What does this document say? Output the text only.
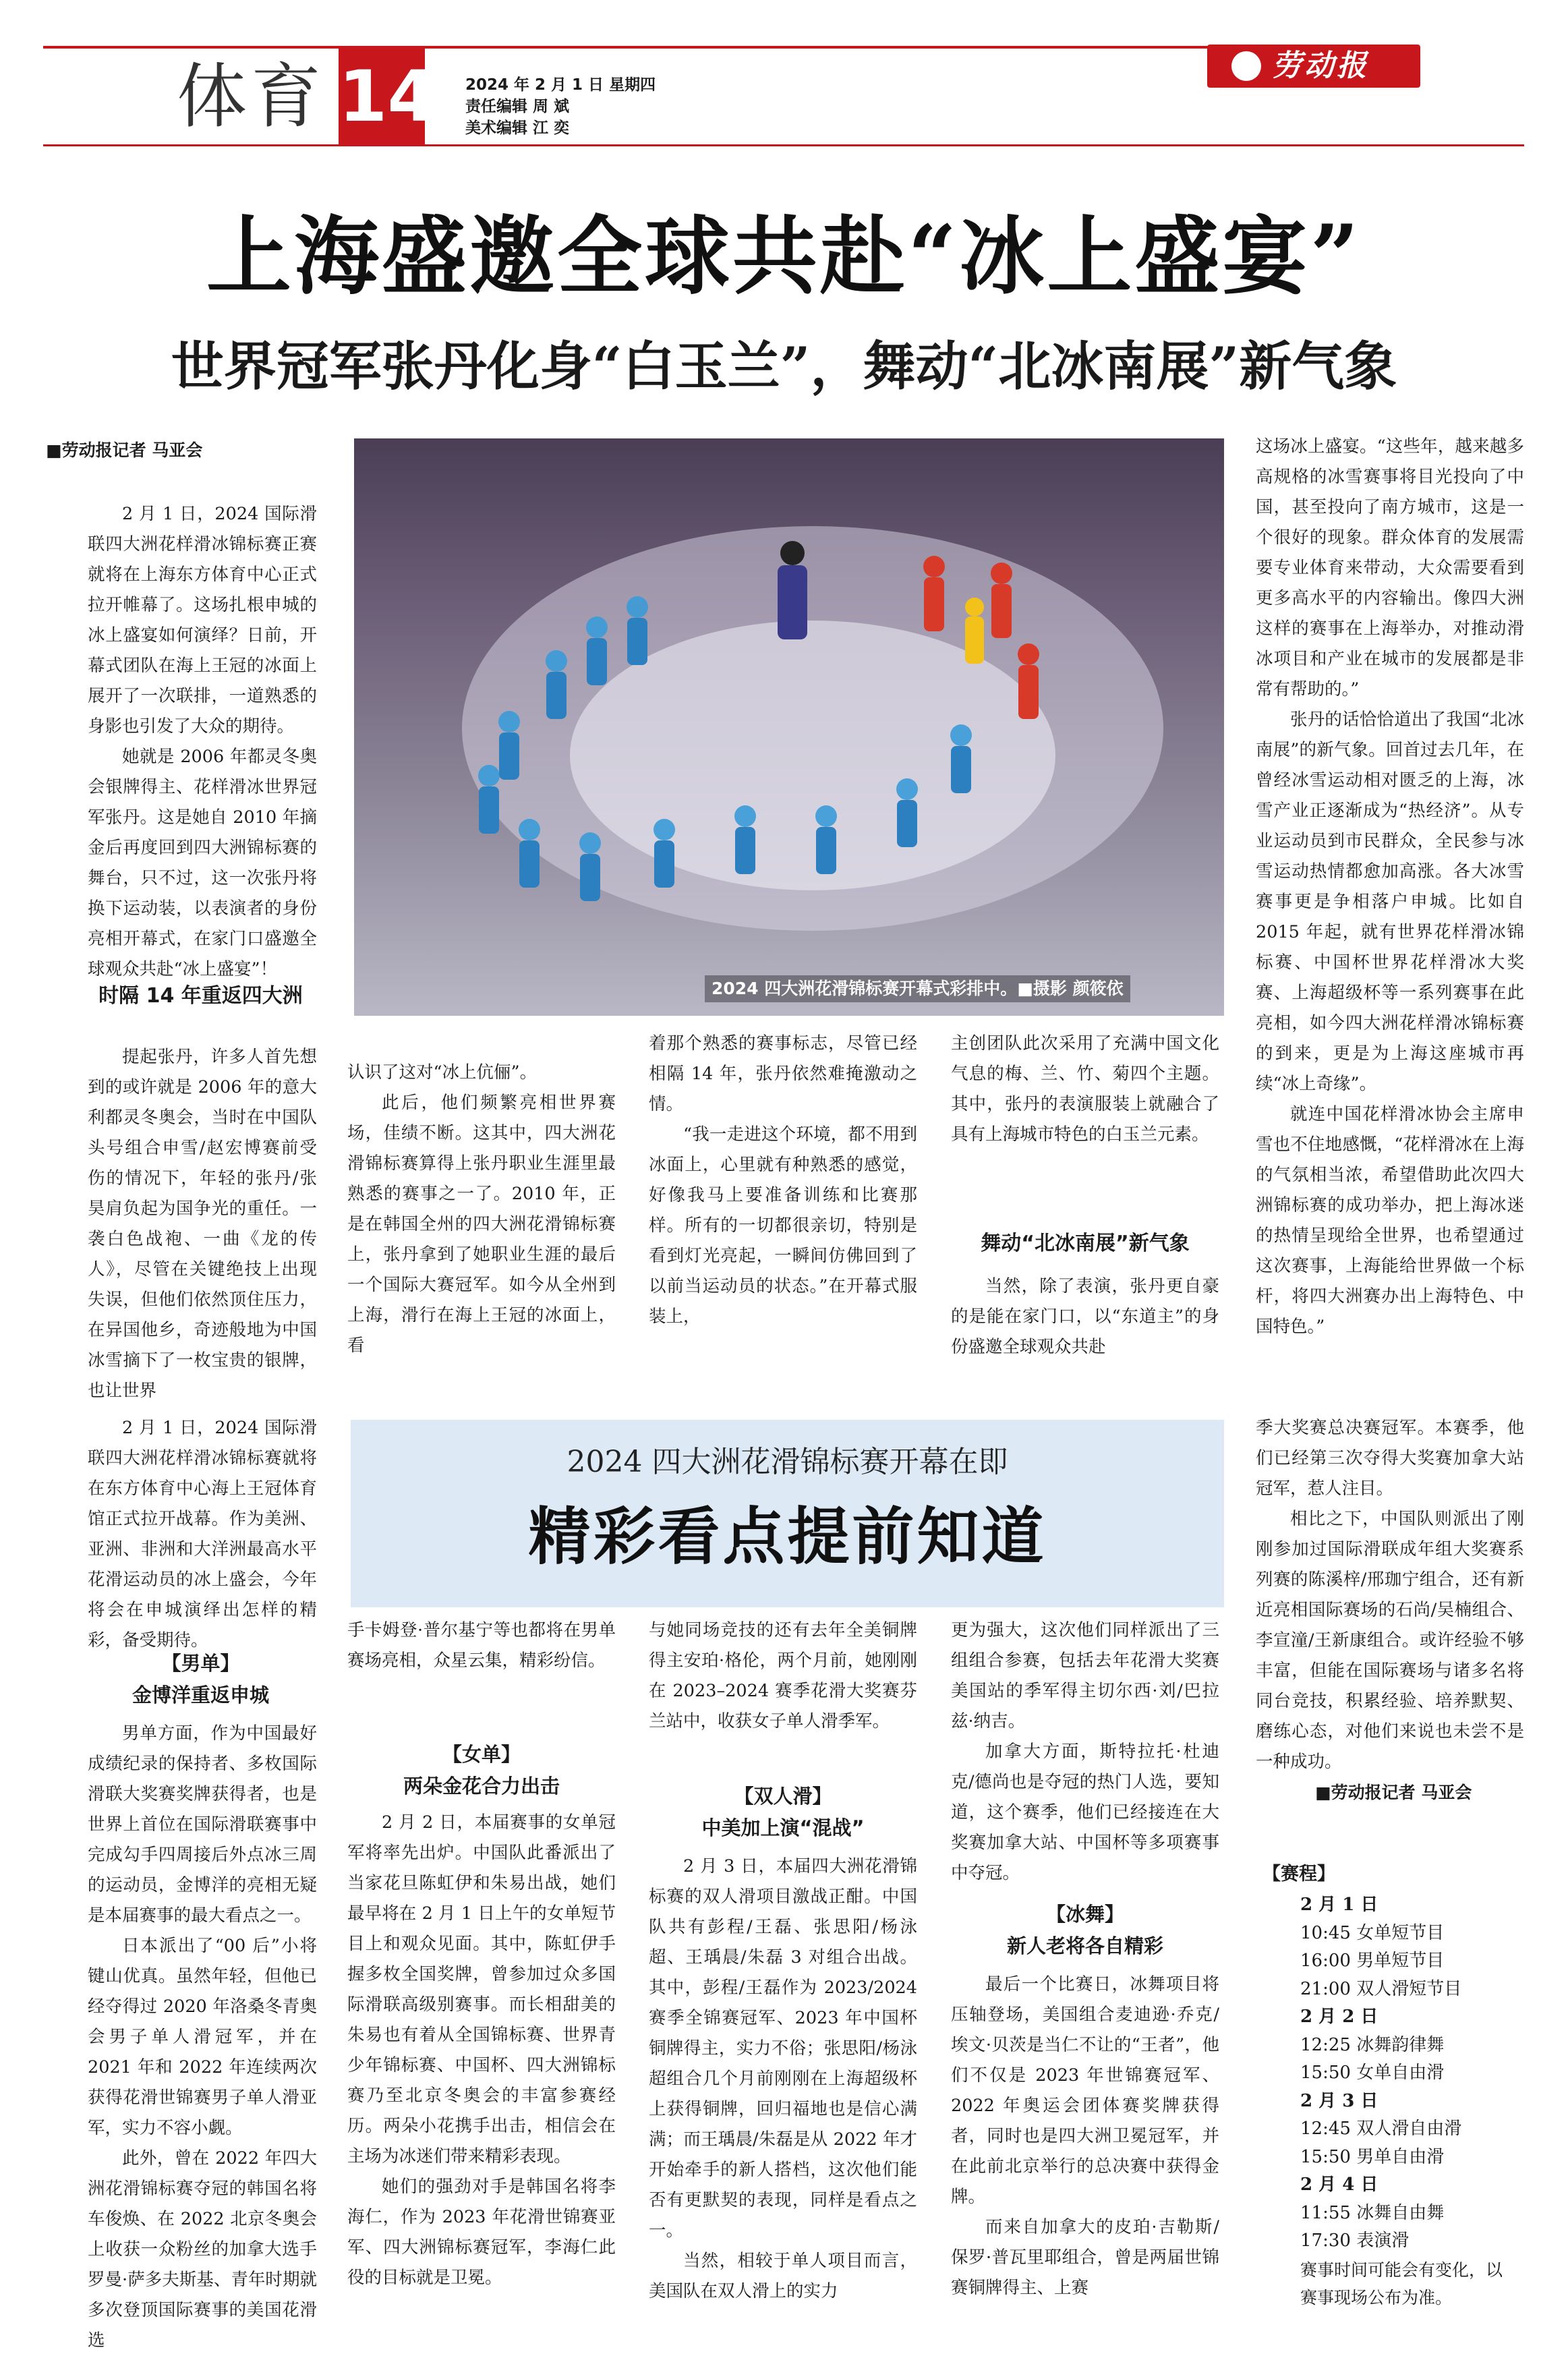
体育 14 2024 年 2 月 1 日 星期四
责任编辑 周 斌
美术编辑 江 奕
劳动报
上海盛邀全球共赴“冰上盛宴”
世界冠军张丹化身“白玉兰”，舞动“北冰南展”新气象
■劳动报记者 马亚会

2 月 1 日，2024 国际滑联四大洲花样滑冰锦标赛正赛就将在上海东方体育中心正式拉开帷幕了。这场扎根申城的冰上盛宴如何演绎？日前，开幕式团队在海上王冠的冰面上展开了一次联排，一道熟悉的身影也引发了大众的期待。

她就是 2006 年都灵冬奥会银牌得主、花样滑冰世界冠军张丹。这是她自 2010 年摘金后再度回到四大洲锦标赛的舞台，只不过，这一次张丹将换下运动装，以表演者的身份亮相开幕式，在家门口盛邀全球观众共赴“冰上盛宴”！

时隔 14 年重返四大洲

提起张丹，许多人首先想到的或许就是 2006 年的意大利都灵冬奥会，当时在中国队头号组合申雪/赵宏博赛前受伤的情况下，年轻的张丹/张昊肩负起为国争光的重任。一袭白色战袍、一曲《龙的传人》，尽管在关键绝技上出现失误，但他们依然顶住压力，在异国他乡，奇迹般地为中国冰雪摘下了一枚宝贵的银牌，也让世界

2024 四大洲花滑锦标赛开幕式彩排中。■摄影 颜筱依

认识了这对“冰上伉俪”。

此后，他们频繁亮相世界赛场，佳绩不断。这其中，四大洲花滑锦标赛算得上张丹职业生涯里最熟悉的赛事之一了。2010 年，正是在韩国全州的四大洲花滑锦标赛上，张丹拿到了她职业生涯的最后一个国际大赛冠军。如今从全州到上海，滑行在海上王冠的冰面上，看

着那个熟悉的赛事标志，尽管已经相隔 14 年，张丹依然难掩激动之情。

“我一走进这个环境，都不用到冰面上，心里就有种熟悉的感觉，好像我马上要准备训练和比赛那样。所有的一切都很亲切，特别是看到灯光亮起，一瞬间仿佛回到了以前当运动员的状态。”在开幕式服装上，

主创团队此次采用了充满中国文化气息的梅、兰、竹、菊四个主题。其中，张丹的表演服装上就融合了具有上海城市特色的白玉兰元素。

舞动“北冰南展”新气象

当然，除了表演，张丹更自豪的是能在家门口，以“东道主”的身份盛邀全球观众共赴

这场冰上盛宴。“这些年，越来越多高规格的冰雪赛事将目光投向了中国，甚至投向了南方城市，这是一个很好的现象。群众体育的发展需要专业体育来带动，大众需要看到更多高水平的内容输出。像四大洲这样的赛事在上海举办，对推动滑冰项目和产业在城市的发展都是非常有帮助的。”

张丹的话恰恰道出了我国“北冰南展”的新气象。回首过去几年，在曾经冰雪运动相对匮乏的上海，冰雪产业正逐渐成为“热经济”。从专业运动员到市民群众，全民参与冰雪运动热情都愈加高涨。各大冰雪赛事更是争相落户申城。比如自 2015 年起，就有世界花样滑冰锦标赛、中国杯世界花样滑冰大奖赛、上海超级杯等一系列赛事在此亮相，如今四大洲花样滑冰锦标赛的到来，更是为上海这座城市再续“冰上奇缘”。

就连中国花样滑冰协会主席申雪也不住地感慨，“花样滑冰在上海的气氛相当浓，希望借助此次四大洲锦标赛的成功举办，把上海冰迷的热情呈现给全世界，也希望通过这次赛事，上海能给世界做一个标杆，将四大洲赛办出上海特色、中国特色。”

2024 四大洲花滑锦标赛开幕在即
精彩看点提前知道

2 月 1 日，2024 国际滑联四大洲花样滑冰锦标赛就将在东方体育中心海上王冠体育馆正式拉开战幕。作为美洲、亚洲、非洲和大洋洲最高水平花滑运动员的冰上盛会，今年将会在申城演绎出怎样的精彩，备受期待。

【男单】
金博洋重返申城

男单方面，作为中国最好成绩纪录的保持者、多枚国际滑联大奖赛奖牌获得者，也是世界上首位在国际滑联赛事中完成勾手四周接后外点冰三周的运动员，金博洋的亮相无疑是本届赛事的最大看点之一。

日本派出了“00 后”小将键山优真。虽然年轻，但他已经夺得过 2020 年洛桑冬青奥会男子单人滑冠军，并在 2021 年和 2022 年连续两次获得花滑世锦赛男子单人滑亚军，实力不容小觑。

此外，曾在 2022 年四大洲花滑锦标赛夺冠的韩国名将车俊焕、在 2022 北京冬奥会上收获一众粉丝的加拿大选手罗曼·萨多夫斯基、青年时期就多次登顶国际赛事的美国花滑选

手卡姆登·普尔基宁等也都将在男单赛场亮相，众星云集，精彩纷信。

【女单】
两朵金花合力出击

2 月 2 日，本届赛事的女单冠军将率先出炉。中国队此番派出了当家花旦陈虹伊和朱易出战，她们最早将在 2 月 1 日上午的女单短节目上和观众见面。其中，陈虹伊手握多枚全国奖牌，曾参加过众多国际滑联高级别赛事。而长相甜美的朱易也有着从全国锦标赛、世界青少年锦标赛、中国杯、四大洲锦标赛乃至北京冬奥会的丰富参赛经历。两朵小花携手出击，相信会在主场为冰迷们带来精彩表现。

她们的强劲对手是韩国名将李海仁，作为 2023 年花滑世锦赛亚军、四大洲锦标赛冠军，李海仁此役的目标就是卫冕。

与她同场竞技的还有去年全美铜牌得主安珀·格伦，两个月前，她刚刚在 2023–2024 赛季花滑大奖赛芬兰站中，收获女子单人滑季军。

【双人滑】
中美加上演“混战”

2 月 3 日，本届四大洲花滑锦标赛的双人滑项目激战正酣。中国队共有彭程/王磊、张思阳/杨泳超、王瑀晨/朱磊 3 对组合出战。其中，彭程/王磊作为 2023/2024 赛季全锦赛冠军、2023 年中国杯铜牌得主，实力不俗；张思阳/杨泳超组合几个月前刚刚在上海超级杯上获得铜牌，回归福地也是信心满满；而王瑀晨/朱磊是从 2022 年才开始牵手的新人搭档，这次他们能否有更默契的表现，同样是看点之一。

当然，相较于单人项目而言，美国队在双人滑上的实力

更为强大，这次他们同样派出了三组组合参赛，包括去年花滑大奖赛美国站的季军得主切尔西·刘/巴拉兹·纳吉。

加拿大方面，斯特拉托·杜迪克/德尚也是夺冠的热门人选，要知道，这个赛季，他们已经接连在大奖赛加拿大站、中国杯等多项赛事中夺冠。

【冰舞】
新人老将各自精彩

最后一个比赛日，冰舞项目将压轴登场，美国组合麦迪逊·乔克/埃文·贝茨是当仁不让的“王者”，他们不仅是 2023 年世锦赛冠军、2022 年奥运会团体赛奖牌获得者，同时也是四大洲卫冕冠军，并在此前北京举行的总决赛中获得金牌。

而来自加拿大的皮珀·吉勒斯/保罗·普瓦里耶组合，曾是两届世锦赛铜牌得主、上赛

季大奖赛总决赛冠军。本赛季，他们已经第三次夺得大奖赛加拿大站冠军，惹人注目。

相比之下，中国队则派出了刚刚参加过国际滑联成年组大奖赛系列赛的陈溪梓/邢珈宁组合，还有新近亮相国际赛场的石尚/吴楠组合、李宣潼/王新康组合。或许经验不够丰富，但能在国际赛场与诸多名将同台竞技，积累经验、培养默契、磨练心态，对他们来说也未尝不是一种成功。

■劳动报记者 马亚会
【赛程】
2 月 1 日
10:45 女单短节目
16:00 男单短节目
21:00 双人滑短节目
2 月 2 日
12:25 冰舞韵律舞
15:50 女单自由滑
2 月 3 日
12:45 双人滑自由滑
15:50 男单自由滑
2 月 4 日
11:55 冰舞自由舞
17:30 表演滑
赛事时间可能会有变化，以赛事现场公布为准。
